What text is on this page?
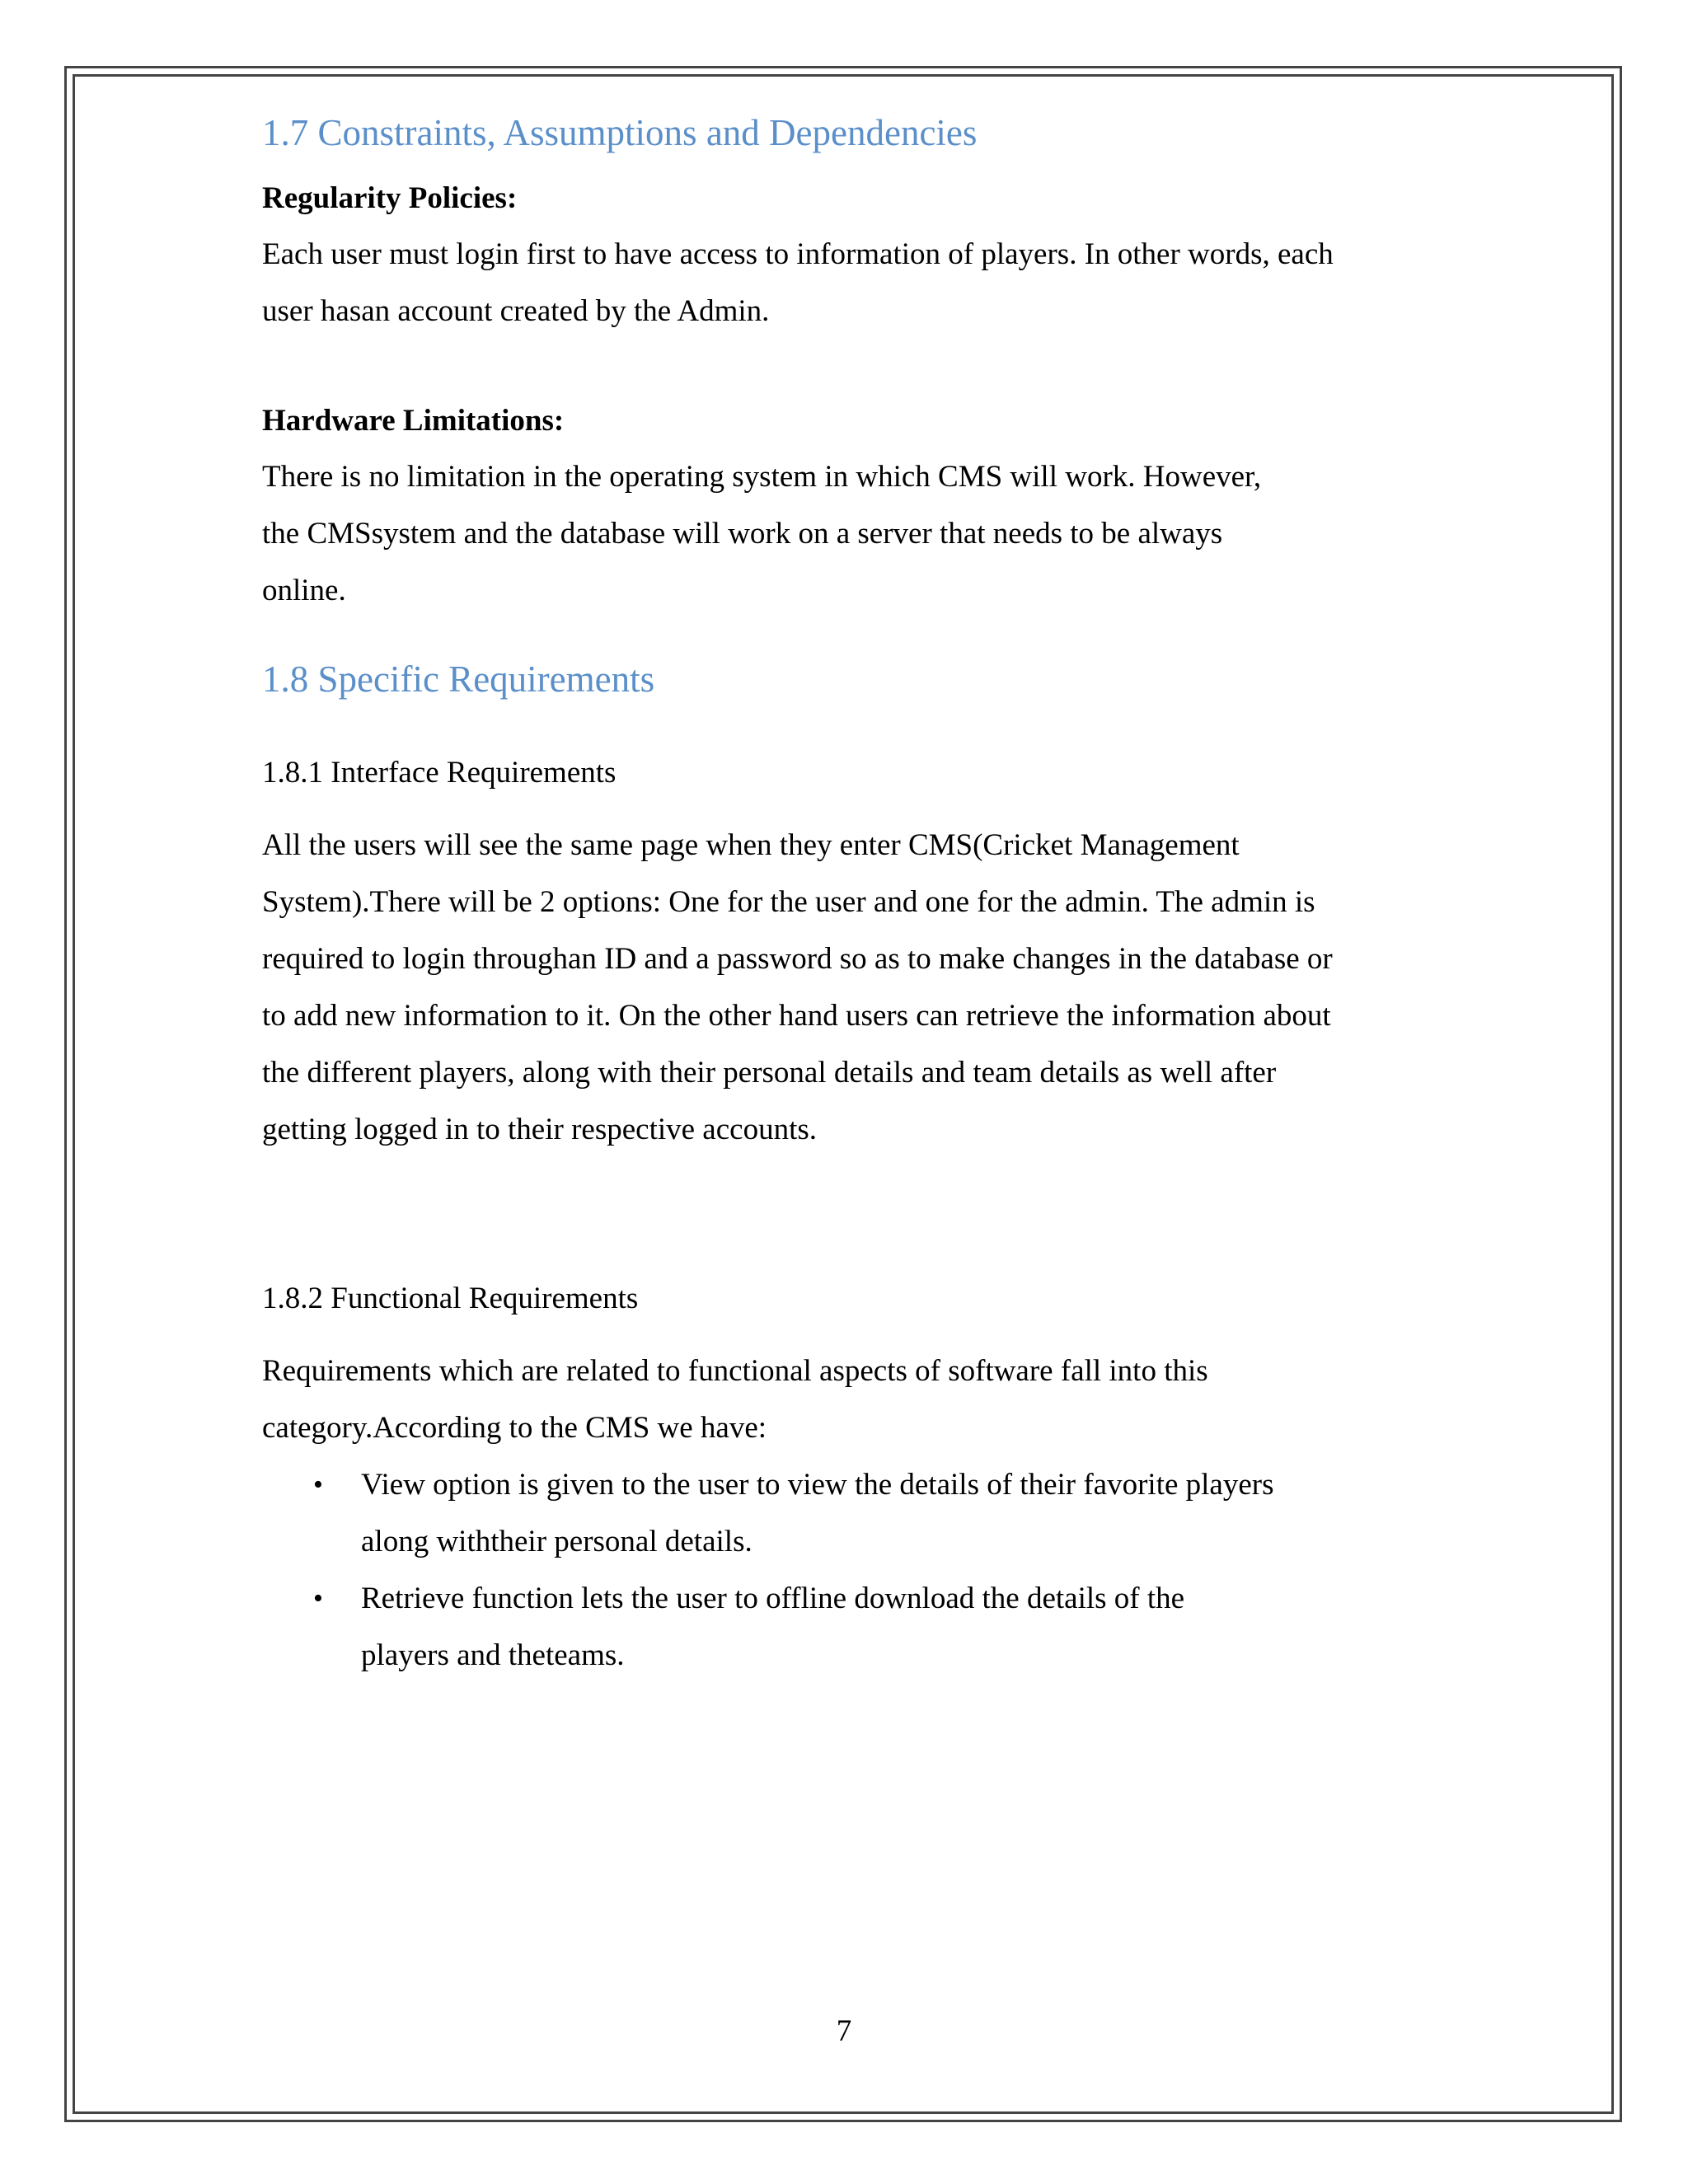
1.7 Constraints, Assumptions and Dependencies

Regularity Policies:

Each user must login first to have access to information of players. In other words, each

user hasan account created by the Admin.

Hardware Limitations:

There is no limitation in the operating system in which CMS will work. However,

the CMSsystem and the database will work on a server that needs to be always

online.

1.8 Specific Requirements

1.8.1 Interface Requirements

All the users will see the same page when they enter CMS(Cricket Management

System).There will be 2 options: One for the user and one for the admin. The admin is

required to login throughan ID and a password so as to make changes in the database or

to add new information to it. On the other hand users can retrieve the information about

the different players, along with their personal details and team details as well after

getting logged in to their respective accounts.

1.8.2 Functional Requirements

Requirements which are related to functional aspects of software fall into this

category.According to the CMS we have:

• View option is given to the user to view the details of their favorite players
along withtheir personal details.
• Retrieve function lets the user to offline download the details of the
players and theteams.
7
